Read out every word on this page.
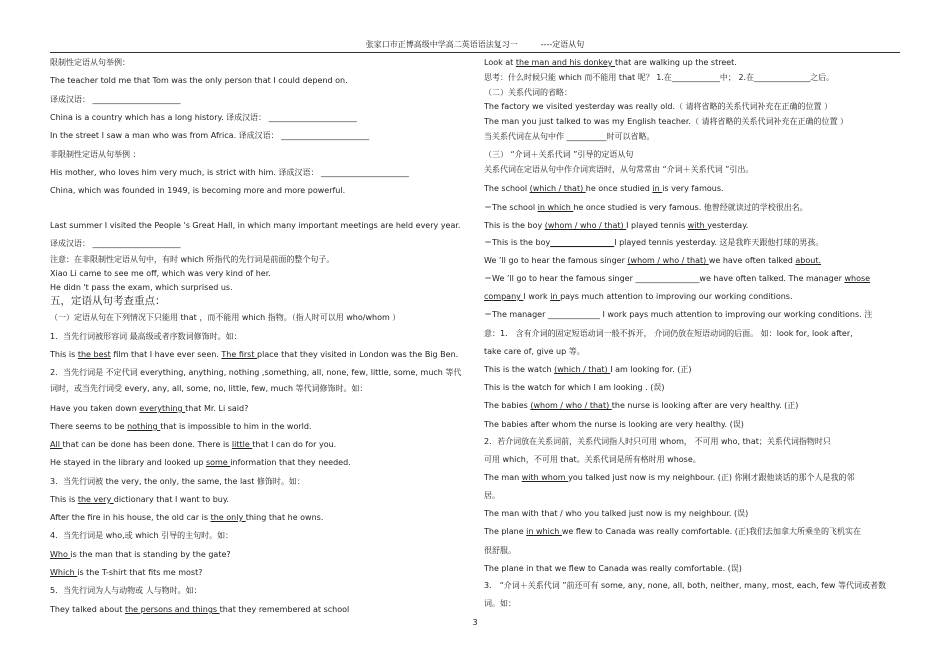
张家口市正博高级中学高二英语语法复习一	----定语从句
限制性定语从句举例：
The teacher told me that Tom was the only person that I could depend on.
译成汉语： ______________________
China is a country which has a long history. 译成汉语： ______________________
In the street I saw a man who was from Africa. 译成汉语： ______________________
非限制性定语从句举例 ：
His mother, who loves him very much, is strict with him. 译成汉语： ______________________
China, which was founded in 1949, is becoming more and more powerful.
Last summer I visited the People 's Great Hall, in which many important meetings are held every year.
译成汉语： ______________________
注意：在非限制性定语从句中，有时 which 所指代的先行词是前面的整个句子。
Xiao Li came to see me off, which was very kind of her.
He didn 't pass the exam, which surprised us.
五，定语从句考查重点：
（一）定语从句在下列情况下只能用 that ，而不能用 which 指物。（指人时可以用 who/whom ）
1．当先行词被形容词 最高级或者序数词修饰时。如：
This is the best film that I have ever seen. The first place that they visited in London was the Big Ben.
2．当先行词是 不定代词 everything, anything, nothing ,something, all, none, few, little, some, much 等代
词时，或当先行词受 every, any, all, some, no, little, few, much 等代词修饰时。如：
Have you taken down everything that Mr. Li said?
There seems to be nothing that is impossible to him in the world.
All that can be done has been done. There is little that I can do for you.
He stayed in the library and looked up some information that they needed.
3．当先行词被 the very, the only, the same, the last 修饰时。如：
This is the very dictionary that I want to buy.
After the fire in his house, the old car is the only thing that he owns.
4．当先行词是 who,或 which 引导的主句时。如：
Who is the man that is standing by the gate?
Which is the T-shirt that fits me most?
5．当先行词为人与动物或 人与物时。如：
They talked about the persons and things that they remembered at school
Look at the man and his donkey that are walking up the street.
思考：什么时候只能 which 而不能用 that 呢？ 1.在____________中； 2.在______________之后。
（二）关系代词的省略：
The factory we visited yesterday was really old.（ 请将省略的关系代词补充在正确的位置 ）
The man you just talked to was my English teacher.（ 请将省略的关系代词补充在正确的位置 ）
当关系代词在从句中作 __________时可以省略。
（三） “介词＋关系代词 ”引导的定语从句
关系代词在定语从句中作介词宾语时，从句常常由 “介词＋关系代词 ”引出。
The school (which / that) he once studied in is very famous.
＝The school in which he once studied is very famous. 他曾经就读过的学校很出名。
This is the boy (whom / who / that) I played tennis with yesterday.
＝This is the boy________________I played tennis yesterday. 这是我昨天跟他打球的男孩。
We ’ll go to hear the famous singer (whom / who / that) we have often talked about.
＝We ’ll go to hear the famous singer ________________we have often talked. The manager whose
company I work in pays much attention to improving our working conditions.
＝The manager _____________ I work pays much attention to improving our working conditions. 注
意：1． 含有介词的固定短语动词一般不拆开， 介词仍放在短语动词的后面。 如：look for, look after,
take care of, give up 等。
This is the watch (which / that) I am looking for. (正)
This is the watch for which I am looking . (误)
The babies (whom / who / that) the nurse is looking after are very healthy. (正)
The babies after whom the nurse is looking are very healthy. (误)
2．若介词放在关系词前，关系代词指人时只可用 whom， 不可用 who, that；关系代词指物时只
可用 which，不可用 that。关系代词是所有格时用 whose。
The man with whom you talked just now is my neighbour. (正) 你刚才跟他谈话的那个人是我的邻
居。
The man with that / who you talked just now is my neighbour. (误)
The plane in which we flew to Canada was really comfortable. (正)我们去加拿大所乘坐的飞机实在
很舒服。
The plane in that we flew to Canada was really comfortable. (误)
3． “介词＋关系代词 ”前还可有 some, any, none, all, both, neither, many, most, each, few 等代词或者数
词。如：
3
